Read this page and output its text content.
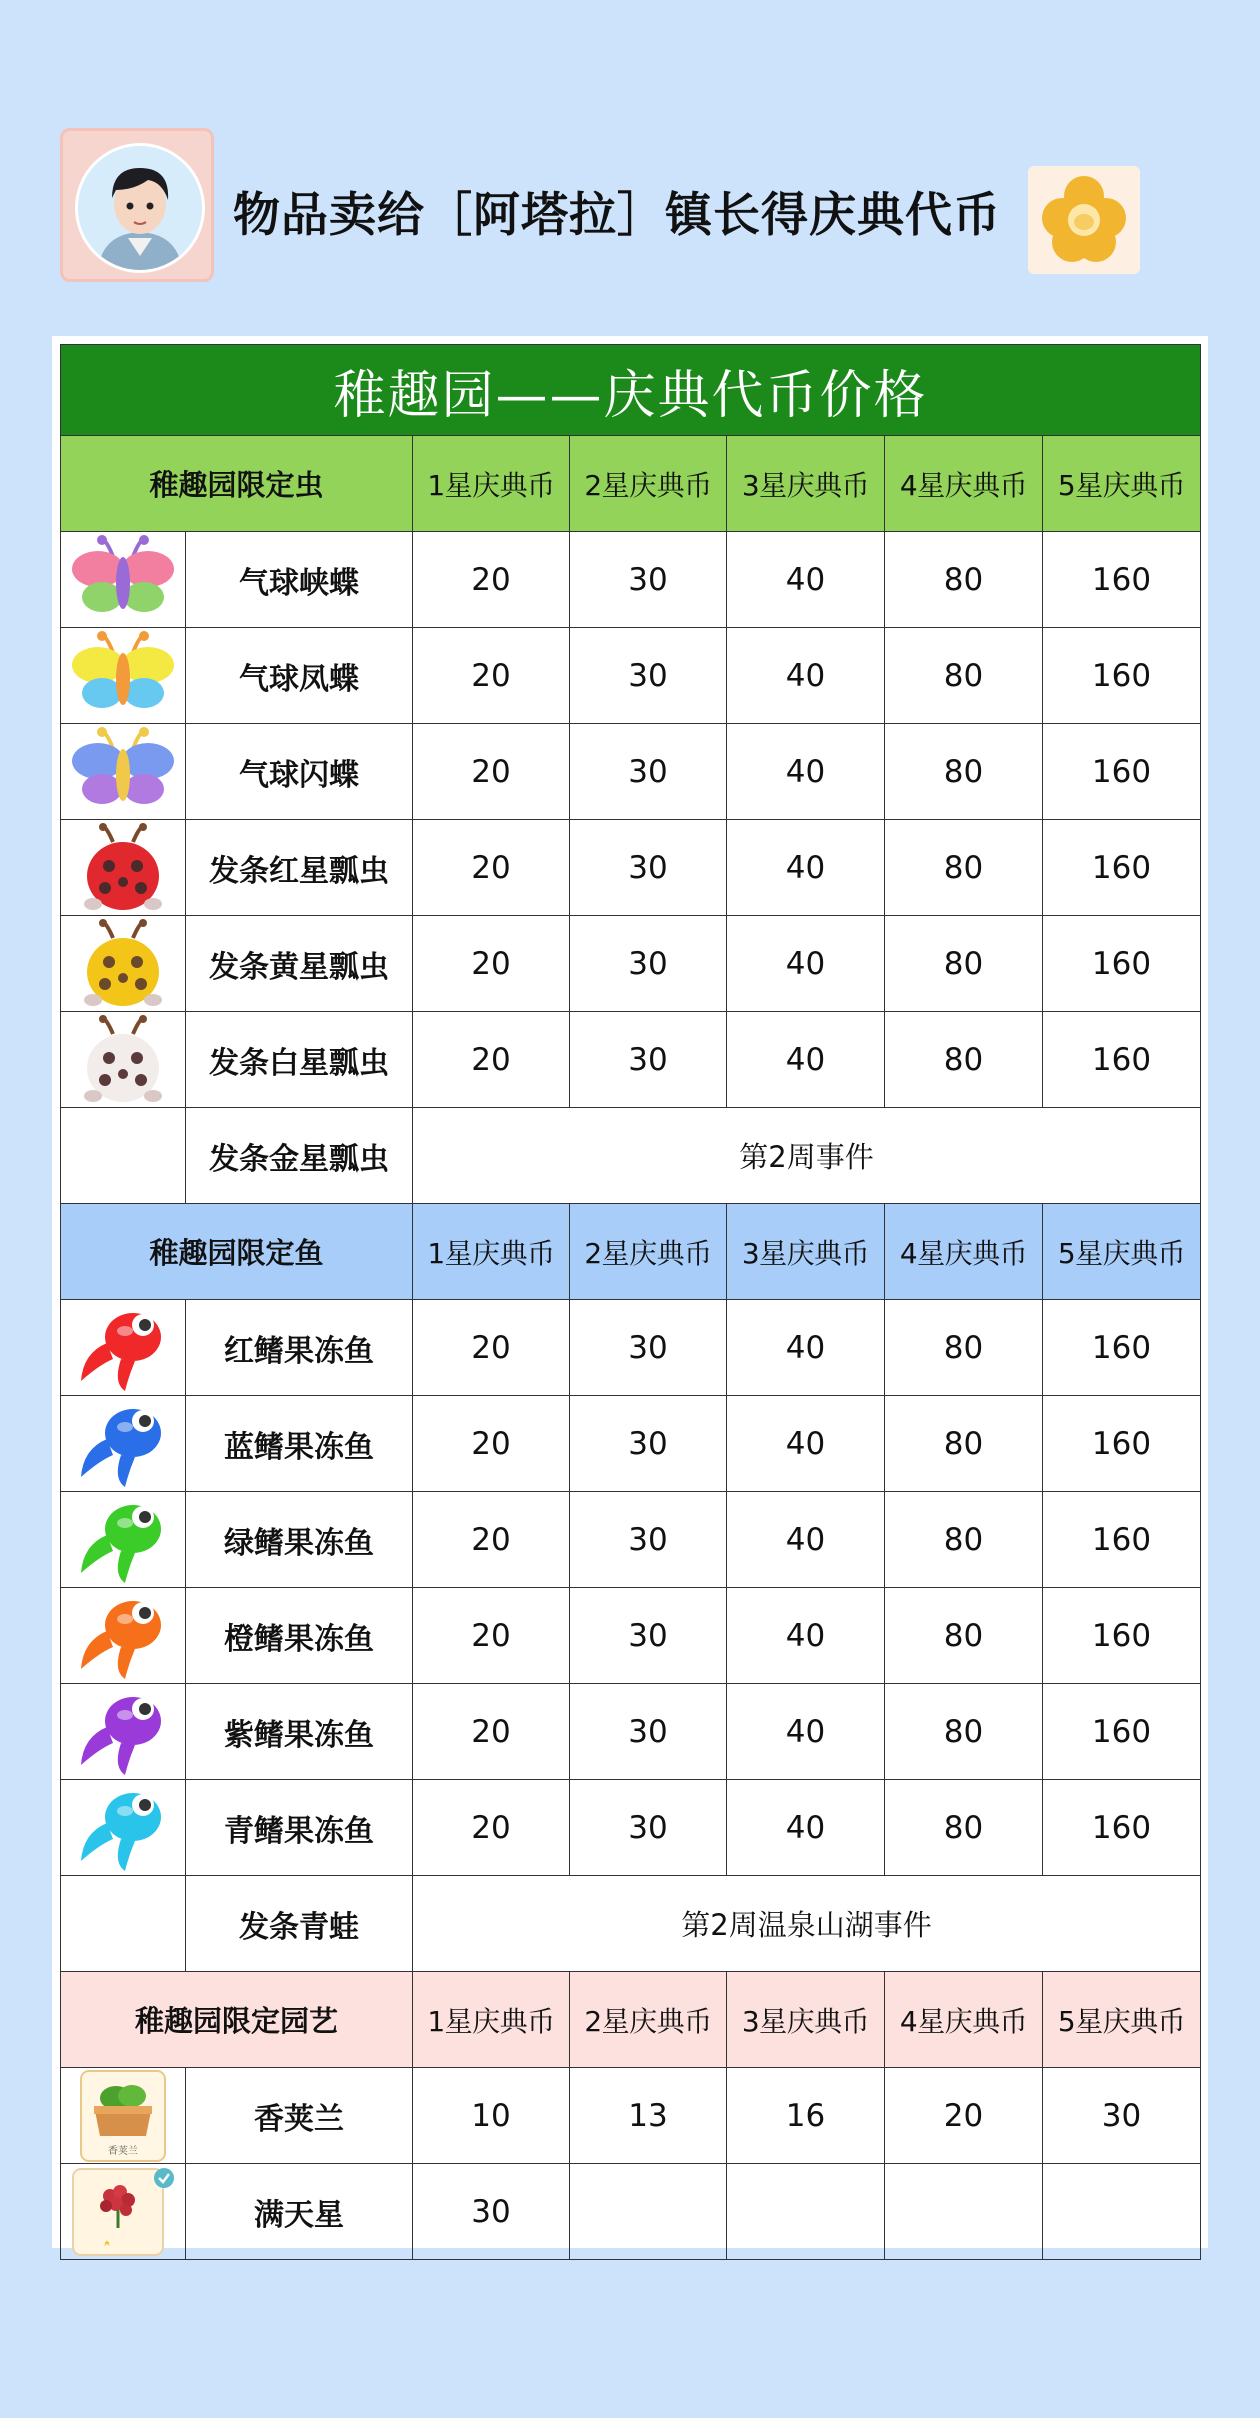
物品卖给［阿塔拉］镇长得庆典代币
稚趣园——庆典代币价格						
稚趣园限定虫		1星庆典币	2星庆典币	3星庆典币	4星庆典币	5星庆典币

	气球峡蝶	20	30	40	80	160

	气球凤蝶	20	30	40	80	160

	气球闪蝶	20	30	40	80	160

	发条红星瓢虫	20	30	40	80	160

	发条黄星瓢虫	20	30	40	80	160

	发条白星瓢虫	20	30	40	80	160
	发条金星瓢虫	第2周事件				
稚趣园限定鱼		1星庆典币	2星庆典币	3星庆典币	4星庆典币	5星庆典币

	红鳍果冻鱼	20	30	40	80	160

	蓝鳍果冻鱼	20	30	40	80	160

	绿鳍果冻鱼	20	30	40	80	160

	橙鳍果冻鱼	20	30	40	80	160

	紫鳍果冻鱼	20	30	40	80	160

	青鳍果冻鱼	20	30	40	80	160
	发条青蛙	第2周温泉山湖事件				
稚趣园限定园艺		1星庆典币	2星庆典币	3星庆典币	4星庆典币	5星庆典币

香荚兰	香荚兰	10	13	16	20	30

	满天星	30				
